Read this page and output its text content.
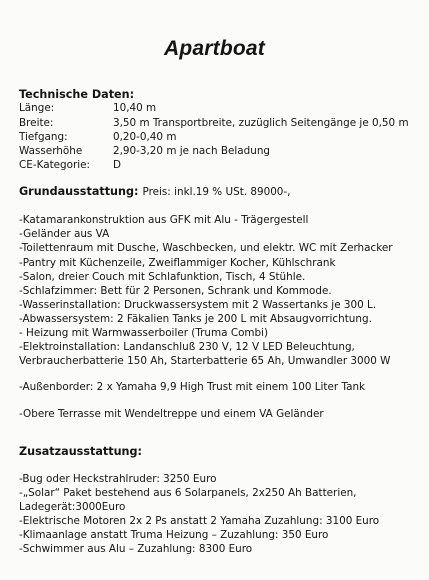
Apartboat
Technische Daten:
Länge:	10,40 m
Breite:	3,50 m Transportbreite, zuzüglich Seitengänge je 0,50 m
Tiefgang:	0,20-0,40 m
Wasserhöhe	2,90-3,20 m je nach Beladung
CE-Kategorie: D
Grundausstattung: Preis: inkl.19 % USt. 89000-,
-Katamarankonstruktion aus GFK mit Alu - Trägergestell
-Geländer aus VA
-Toilettenraum mit Dusche, Waschbecken, und elektr. WC mit Zerhacker
-Pantry mit Küchenzeile, Zweiflammiger Kocher, Kühlschrank
-Salon, dreier Couch mit Schlafunktion, Tisch, 4 Stühle.
-Schlafzimmer: Bett für 2 Personen, Schrank und Kommode.
-Wasserinstallation: Druckwassersystem mit 2 Wassertanks je 300 L.
-Abwassersystem: 2 Fäkalien Tanks je 200 L mit Absaugvorrichtung.
- Heizung mit Warmwasserboiler (Truma Combi)
-Elektroinstallation: Landanschluß 230 V, 12 V LED Beleuchtung,
Verbraucherbatterie 150 Ah, Starterbatterie 65 Ah, Umwandler 3000 W
-Außenborder: 2 x Yamaha 9,9 High Trust mit einem 100 Liter Tank
-Obere Terrasse mit Wendeltreppe und einem VA Geländer
Zusatzausstattung:
-Bug oder Heckstrahlruder: 3250 Euro
-„Solar“ Paket bestehend aus 6 Solarpanels, 2x250 Ah Batterien,
Ladegerät:3000Euro
-Elektrische Motoren 2x 2 Ps anstatt 2 Yamaha Zuzahlung: 3100 Euro
-Klimaanlage anstatt Truma Heizung – Zuzahlung: 350 Euro
-Schwimmer aus Alu – Zuzahlung: 8300 Euro
